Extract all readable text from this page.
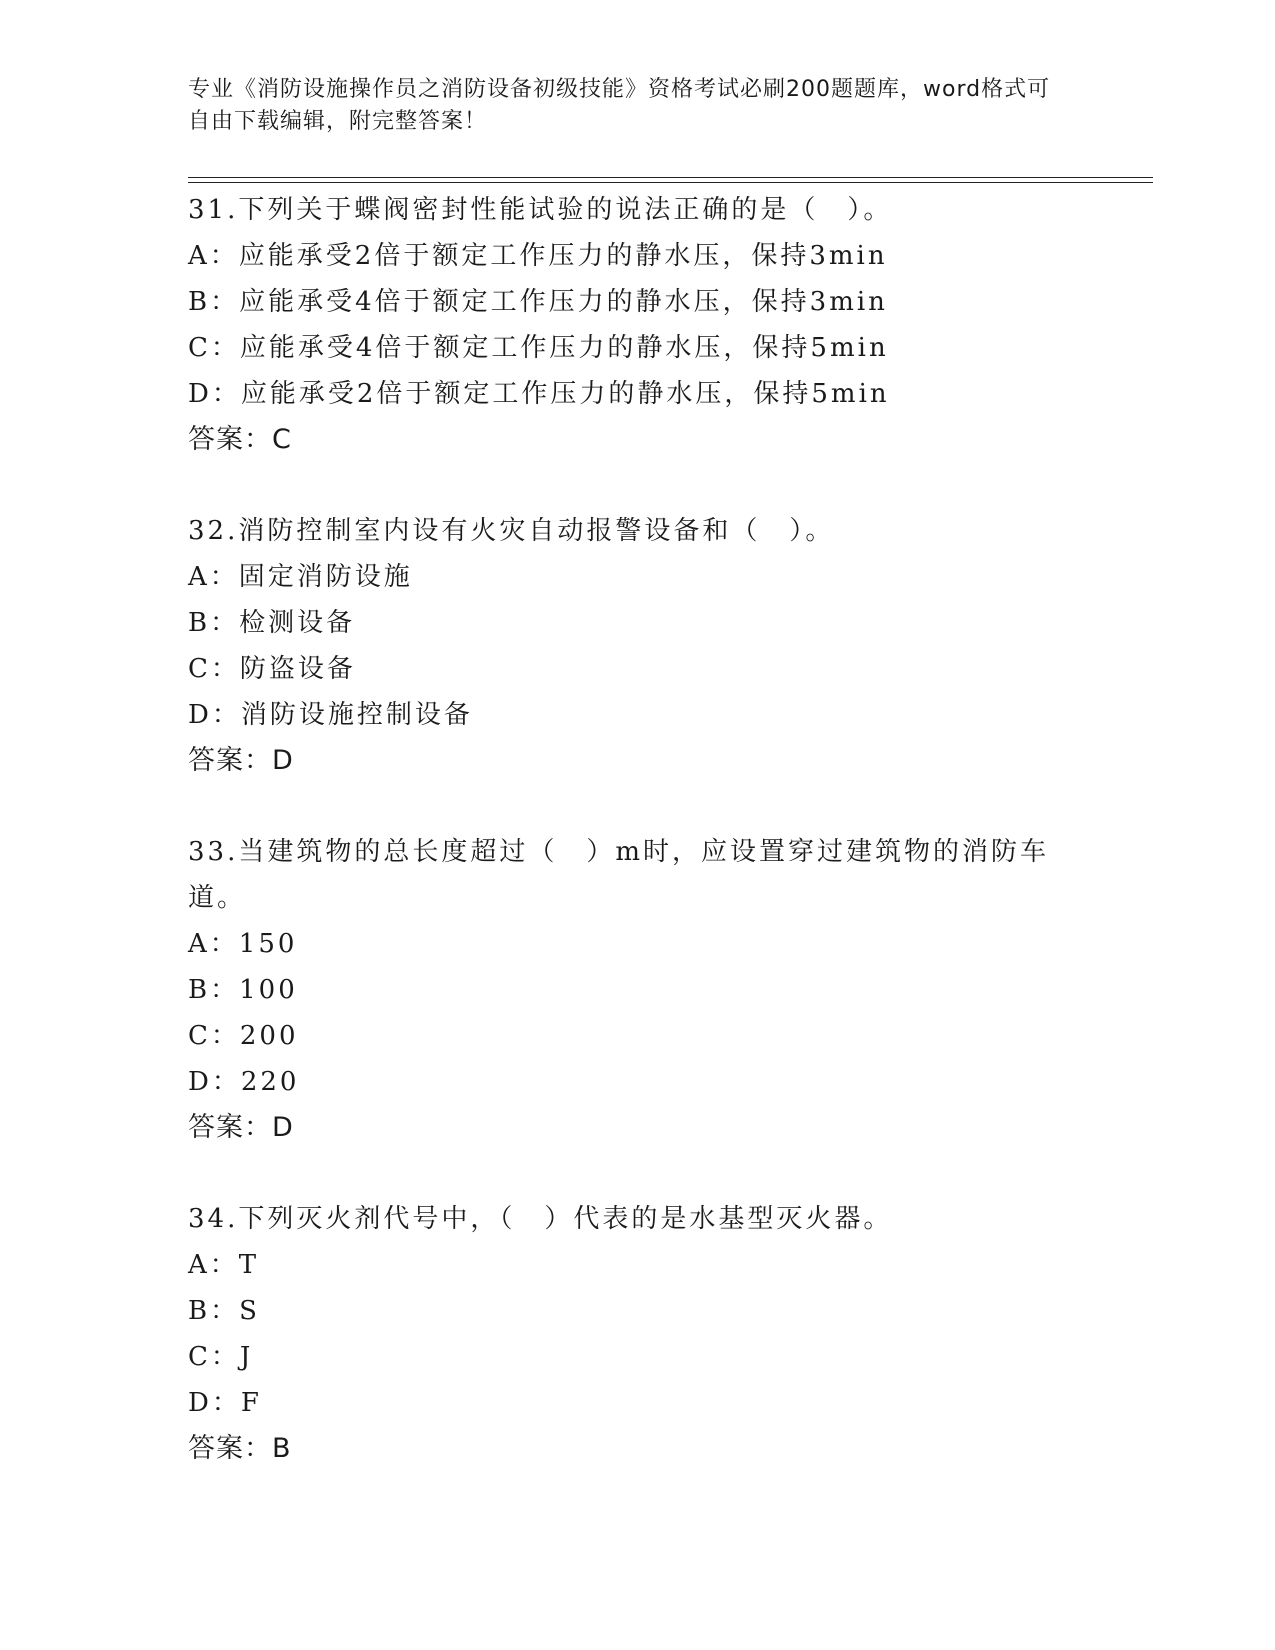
专业《消防设施操作员之消防设备初级技能》资格考试必刷200题题库，word格式可自由下载编辑，附完整答案！
31.下列关于蝶阀密封性能试验的说法正确的是（　）。
A：应能承受2倍于额定工作压力的静水压，保持3min
B：应能承受4倍于额定工作压力的静水压，保持3min
C：应能承受4倍于额定工作压力的静水压，保持5min
D：应能承受2倍于额定工作压力的静水压，保持5min
答案：C
32.消防控制室内设有火灾自动报警设备和（　）。
A：固定消防设施
B：检测设备
C：防盗设备
D：消防设施控制设备
答案：D
33.当建筑物的总长度超过（　）m时，应设置穿过建筑物的消防车道。
A：150
B：100
C：200
D：220
答案：D
34.下列灭火剂代号中，（　）代表的是水基型灭火器。
A：T
B：S
C：J
D：F
答案：B
